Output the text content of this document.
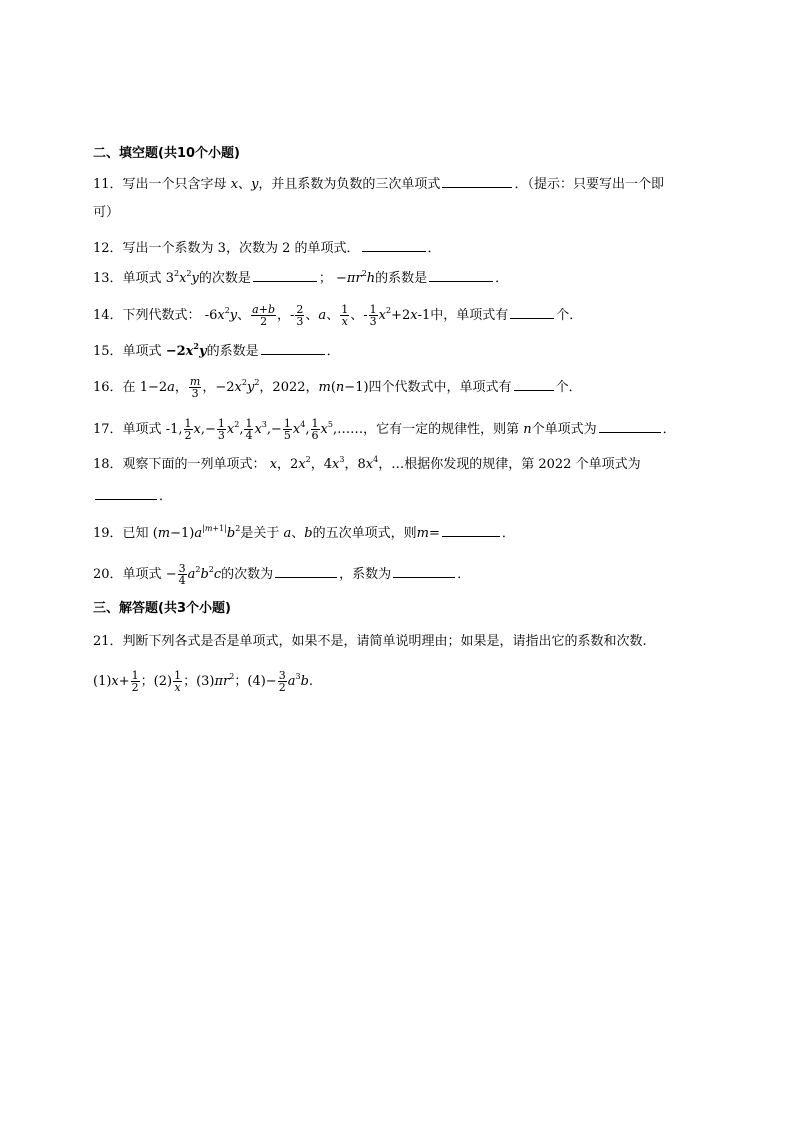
二、填空题(共10个小题)
11．写出一个只含字母 x、y，并且系数为负数的三次单项式	．（提示：只要写出一个即
可）
12．写出一个系数为 3，次数为 2 的单项式．	．
13．单项式 $3^2x^2y$的次数是	； $-\pi r^2h$的系数是	．
14．下列代数式： $-6x^2y$、 $\frac{a+b}{2}$ ，- $\frac{2}{3}$ 、a、 $\frac{1}{x}$ 、- $\frac{1}{3} x^2+2x-1$中，单项式有	个．
15．单项式 $-2x^2y$的系数是	．
16．在 1−2a， $\frac{m}{3}$ ，$-2x^2y^2$，2022，m(n−1)四个代数式中，单项式有	个．
17．单项式 -1, $\frac{1}{2} x,- \frac{1}{3} x^2$, $\frac{1}{4} x^3,- \frac{1}{5} x^4$, $\frac{1}{6}$ $x^5,\dots\dots$，它有一定的规律性，则第 n个单项式为	．
18．观察下面的一列单项式： x，$2x^2$，$4x^3$，$8x^4$，…根据你发现的规律，第 2022 个单项式为
．
19．已知 $(m-1)a^{|m+1|}b^2$是关于 a、b的五次单项式，则m=	．
20．单项式 − $\frac{3}{4} a^2b^2c$的次数为	，系数为	．
三、解答题(共3个小题)
21．判断下列各式是否是单项式，如果不是，请简单说明理由；如果是，请指出它的系数和次数.
$(1)x+ \frac{1}{2}$ ；$(2) \frac{1}{x}$ ；$(3)\pi r^2$；$(4)- \frac{3}{2} a^3b$.
